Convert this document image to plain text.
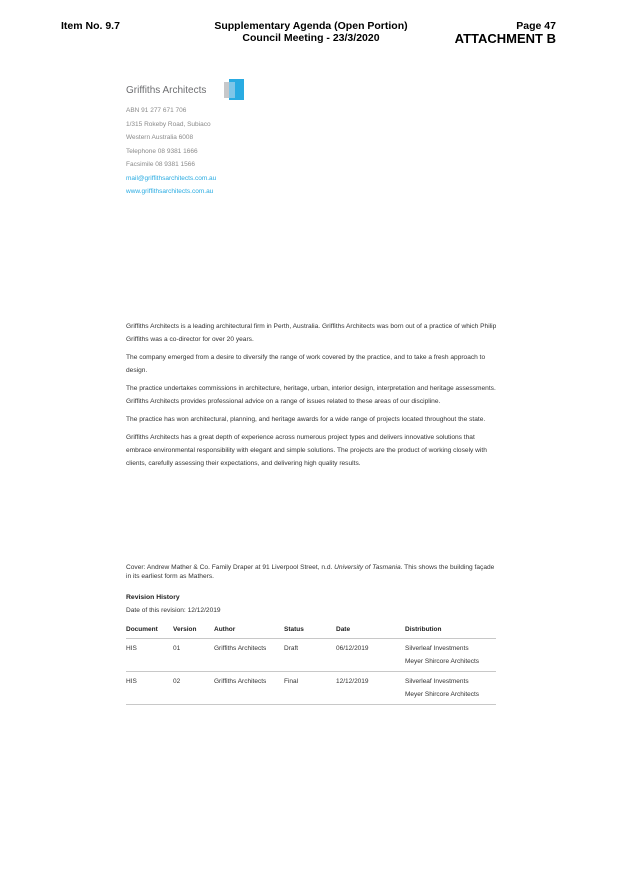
Item No. 9.7	Supplementary Agenda (Open Portion)
Council Meeting - 23/3/2020
Page 47
ATTACHMENT B
Griffiths Architects
ABN 91 277 671 706
1/315 Rokeby Road, Subiaco
Western Australia 6008
Telephone 08 9381 1666
Facsimile 08 9381 1566
mail@griffithsarchitects.com.au
www.griffithsarchitects.com.au

Griffiths Architects is a leading architectural firm in Perth, Australia. Griffiths Architects was born out of a practice of which Philip Griffiths was a co-director for over 20 years.

The company emerged from a desire to diversify the range of work covered by the practice, and to take a fresh approach to design.

The practice undertakes commissions in architecture, heritage, urban, interior design, interpretation and heritage assessments. Griffiths Architects provides professional advice on a range of issues related to these areas of our discipline.

The practice has won architectural, planning, and heritage awards for a wide range of projects located throughout the state.

Griffiths Architects has a great depth of experience across numerous project types and delivers innovative solutions that embrace environmental responsibility with elegant and simple solutions. The projects are the product of working closely with clients, carefully assessing their expectations, and delivering high quality results.

Cover: Andrew Mather & Co. Family Draper at 91 Liverpool Street, n.d. University of Tasmania. This shows the building façade in its earliest form as Mathers.
Revision History
Date of this revision: 12/12/2019
Document	Version	Author	Status	Date	Distribution
HIS	01	Griffiths Architects	Draft	06/12/2019	Silverleaf Investments
Meyer Shircore Architects

HIS	02	Griffiths Architects	Final	12/12/2019	Silverleaf Investments
Meyer Shircore Architects
